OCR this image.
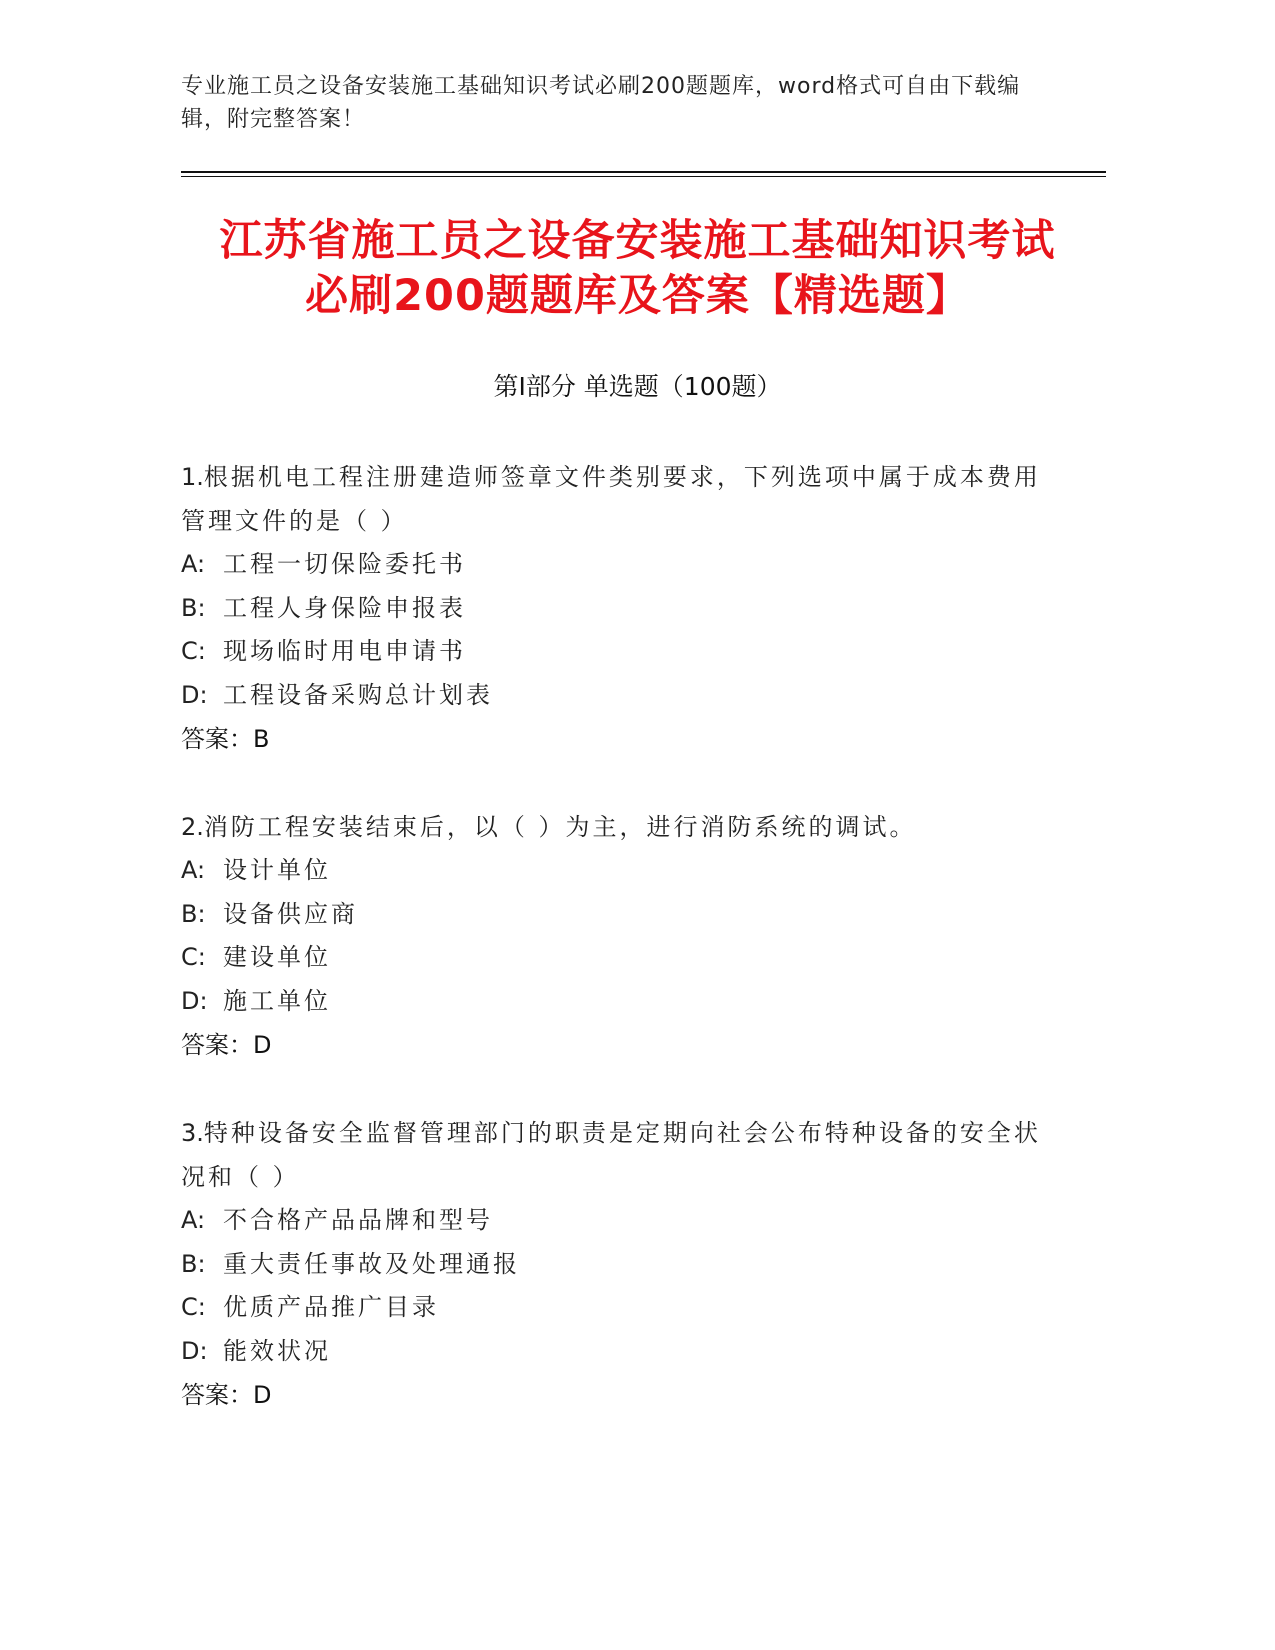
专业施工员之设备安装施工基础知识考试必刷200题题库，word格式可自由下载编辑，附完整答案！
江苏省施工员之设备安装施工基础知识考试
必刷200题题库及答案【精选题】
第Ⅰ部分 单选题（100题）
1.根据机电工程注册建造师签章文件类别要求，下列选项中属于成本费用管理文件的是（ ）
A: 工程一切保险委托书
B: 工程人身保险申报表
C: 现场临时用电申请书
D: 工程设备采购总计划表
答案：B
2.消防工程安装结束后，以（ ）为主，进行消防系统的调试。
A: 设计单位
B: 设备供应商
C: 建设单位
D: 施工单位
答案：D
3.特种设备安全监督管理部门的职责是定期向社会公布特种设备的安全状况和（ ）
A: 不合格产品品牌和型号
B: 重大责任事故及处理通报
C: 优质产品推广目录
D: 能效状况
答案：D
